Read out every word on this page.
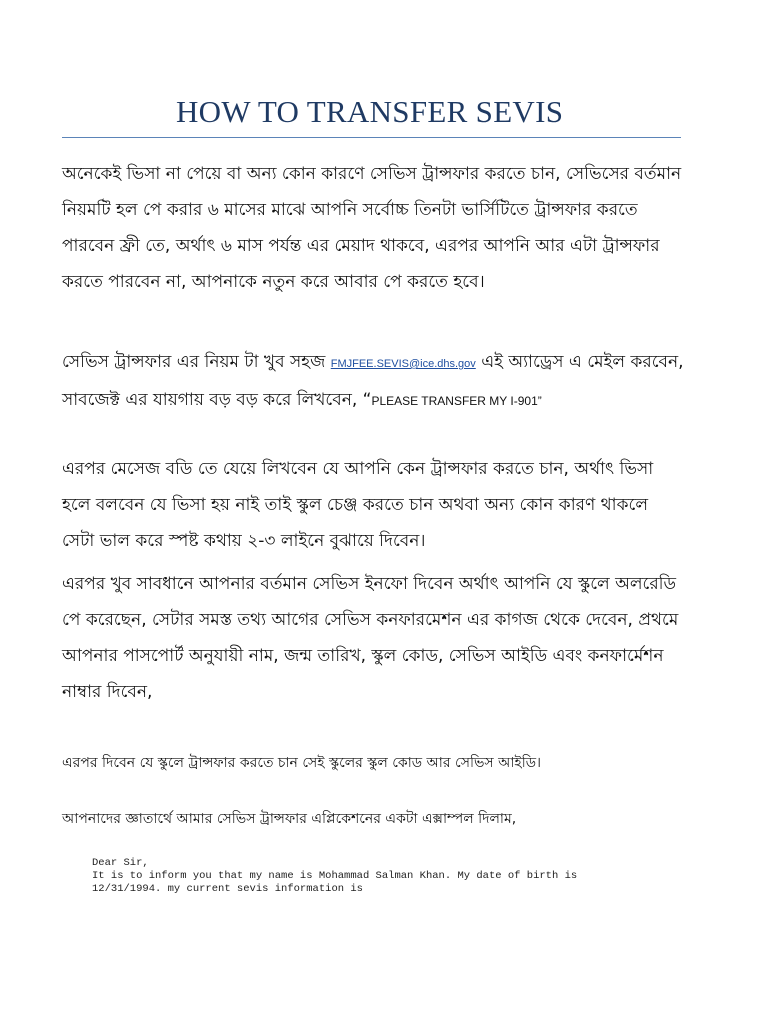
HOW TO TRANSFER SEVIS

অনেকেই ভিসা না পেয়ে বা অন্য কোন কারণে সেভিস ট্রান্সফার করতে চান, সেভিসের বর্তমান নিয়মটি হল পে করার ৬ মাসের মাঝে আপনি সর্বোচ্চ তিনটা ভার্সিটিতে ট্রান্সফার করতে পারবেন ফ্রী তে, অর্থাৎ ৬ মাস পর্যন্ত এর মেয়াদ থাকবে, এরপর আপনি আর এটা ট্রান্সফার করতে পারবেন না, আপনাকে নতুন করে আবার পে করতে হবে।

সেভিস ট্রান্সফার এর নিয়ম টা খুব সহজ FMJFEE.SEVIS@ice.dhs.gov এই অ্যাড্রেস এ মেইল করবেন, সাবজেক্ট এর যায়গায় বড় বড় করে লিখবেন, “PLEASE TRANSFER MY I-901”

এরপর মেসেজ বডি তে যেয়ে লিখবেন যে আপনি কেন ট্রান্সফার করতে চান, অর্থাৎ ভিসা হলে বলবেন যে ভিসা হয় নাই তাই স্কুল চেঞ্জ করতে চান অথবা অন্য কোন কারণ থাকলে সেটা ভাল করে স্পষ্ট কথায় ২-৩ লাইনে বুঝায়ে দিবেন।

এরপর খুব সাবধানে আপনার বর্তমান সেভিস ইনফো দিবেন অর্থাৎ আপনি যে স্কুলে অলরেডি পে করেছেন, সেটার সমস্ত তথ্য আগের সেভিস কনফারমেশন এর কাগজ থেকে দেবেন, প্রথমে আপনার পাসপোর্ট অনুযায়ী নাম, জন্ম তারিখ, স্কুল কোড, সেভিস আইডি এবং কনফার্মেশন নাম্বার দিবেন,

এরপর দিবেন যে স্কুলে ট্রান্সফার করতে চান সেই স্কুলের স্কুল কোড আর সেভিস আইডি।

আপনাদের জ্ঞাতার্থে আমার সেভিস ট্রান্সফার এপ্লিকেশনের একটা এক্সাম্পল দিলাম,

Dear Sir,
It is to inform you that my name is Mohammad Salman Khan. My date of birth is
12/31/1994. my current sevis information is
